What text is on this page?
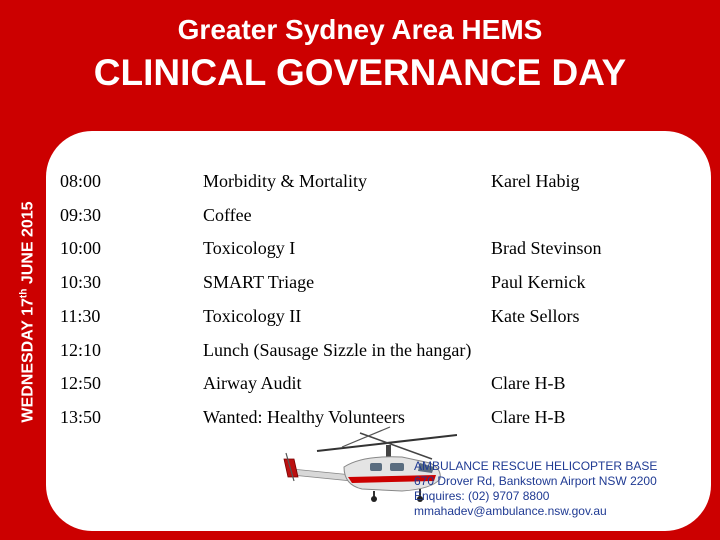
Greater Sydney Area HEMS
CLINICAL GOVERNANCE DAY
WEDNESDAY 17th JUNE 2015
08:00	Morbidity & Mortality	Karel Habig
09:30	Coffee
10:00	Toxicology I	Brad Stevinson
10:30	SMART Triage	Paul Kernick
11:30	Toxicology II	Kate Sellors
12:10	Lunch (Sausage Sizzle in the hangar)
12:50	Airway Audit	Clare H-B
13:50	Wanted: Healthy Volunteers	Clare H-B
AMBULANCE RESCUE HELICOPTER BASE
670 Drover Rd, Bankstown Airport NSW 2200
Enquires: (02) 9707 8800
mmahadev@ambulance.nsw.gov.au
